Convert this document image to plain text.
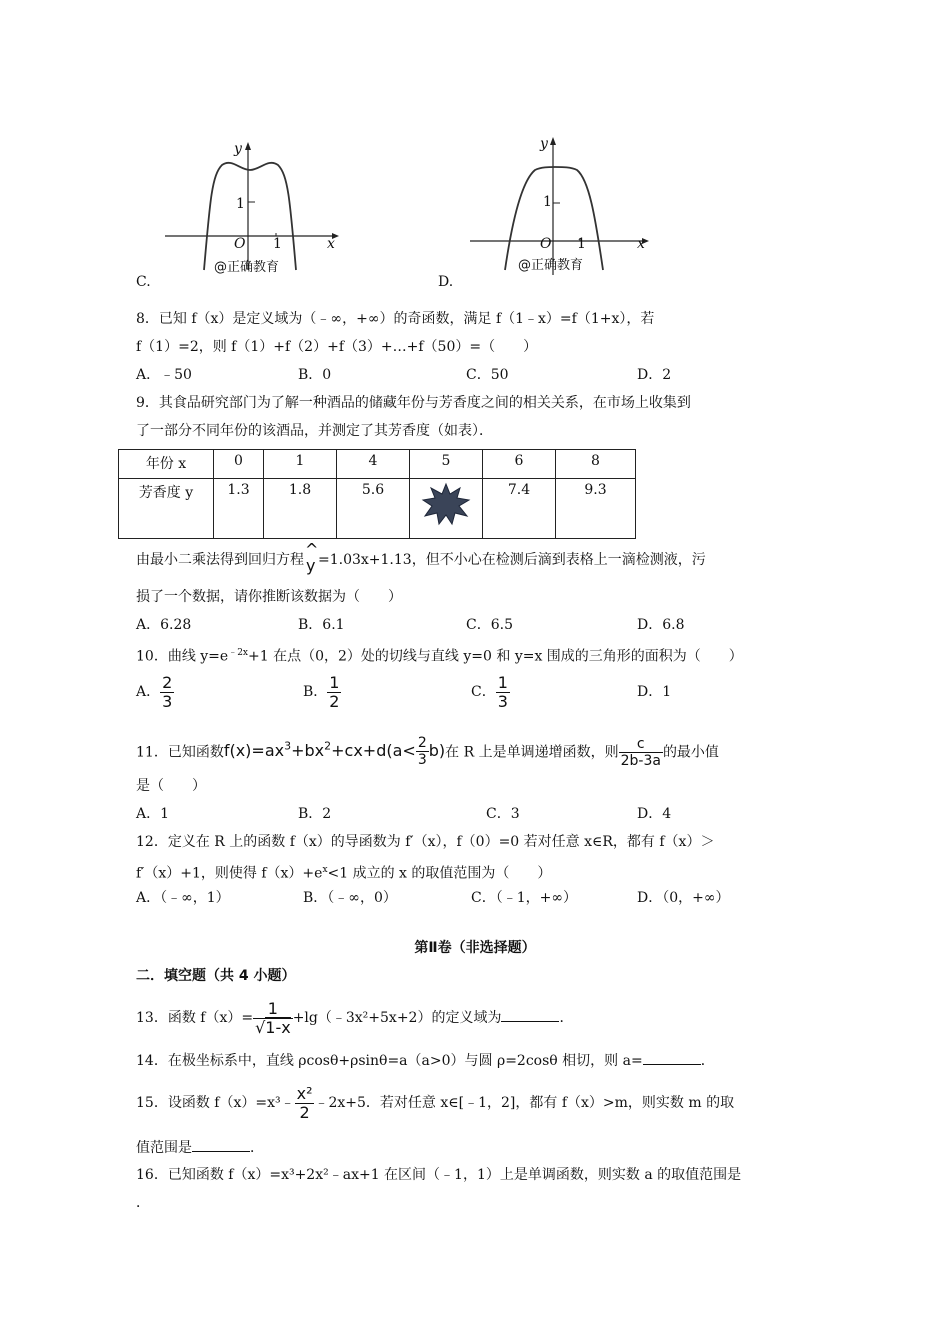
y
x
O 1
1
@正确教育
C.
y
x
O 1
1
@正确教育
D.
8．已知 f（x）是定义域为（﹣∞，+∞）的奇函数，满足 f（1﹣x）=f（1+x），若
f（1）=2，则 f（1）+f（2）+f（3）+…+f（50）=（　　）
A．﹣50	B．0	C．50	D．2
9．其食品研究部门为了解一种酒品的储藏年份与芳香度之间的相关关系，在市场上收集到
了一部分不同年份的该酒品，并测定了其芳香度（如表）．
年份 x	0	1	4	5	6	8
芳香度 y	1.3	1.8	5.6		7.4	9.3
由最小二乘法得到回归方程
^
y =1.03x+1.13，但不小心在检测后滴到表格上一滴检测液，污
损了一个数据，请你推断该数据为（　　）
A．6.28	B．6.1	C．6.5	D．6.8
10．曲线 $y=e^{﹣2x}+1$ 在点（0，2）处的切线与直线 y=0 和 y=x 围成的三角形的面积为（　　）
A． $\frac{2}{3}$	B． $\frac{1}{2}$	C． $\frac{1}{3}$	D．1
11．已知函数$f(x)=ax^3+bx^2+cx+d(a< \frac{2}{3} b)$在 R 上是单调递增函数，则 $\frac{c}{2b-3a}$ 的最小值
是（　　）
A．1	B．2	C．3	D．4
12．定义在 R 上的函数 f（x）的导函数为 f′（x），f（0）=0 若对任意 x∈R，都有 f（x）＞
f′（x）+1，则使得 $f(x)+e^x<1$ 成立的 x 的取值范围为（　　）
A．（﹣∞，1）	B．（﹣∞，0）	C．（﹣1，+∞）	D．（0，+∞）
第Ⅱ卷（非选择题）
二．填空题（共 4 小题）
13．函数 $f(x)= \frac{1}{√1-x}$ +lg（﹣3x²+5x+2）的定义域为	．
14．在极坐标系中，直线 ρcosθ+ρsinθ=a（a>0）与圆 ρ=2cosθ 相切，则 a=	．
15．设函数 f（x）=x³﹣ $\frac{\text{x²}}{2}$ ﹣2x+5．若对任意 x∈[﹣1，2]，都有 f（x）>m，则实数 m 的取
值范围是	．
16．已知函数 f（x）=x³+2x²﹣ax+1 在区间（﹣1，1）上是单调函数，则实数 a 的取值范围是
．
